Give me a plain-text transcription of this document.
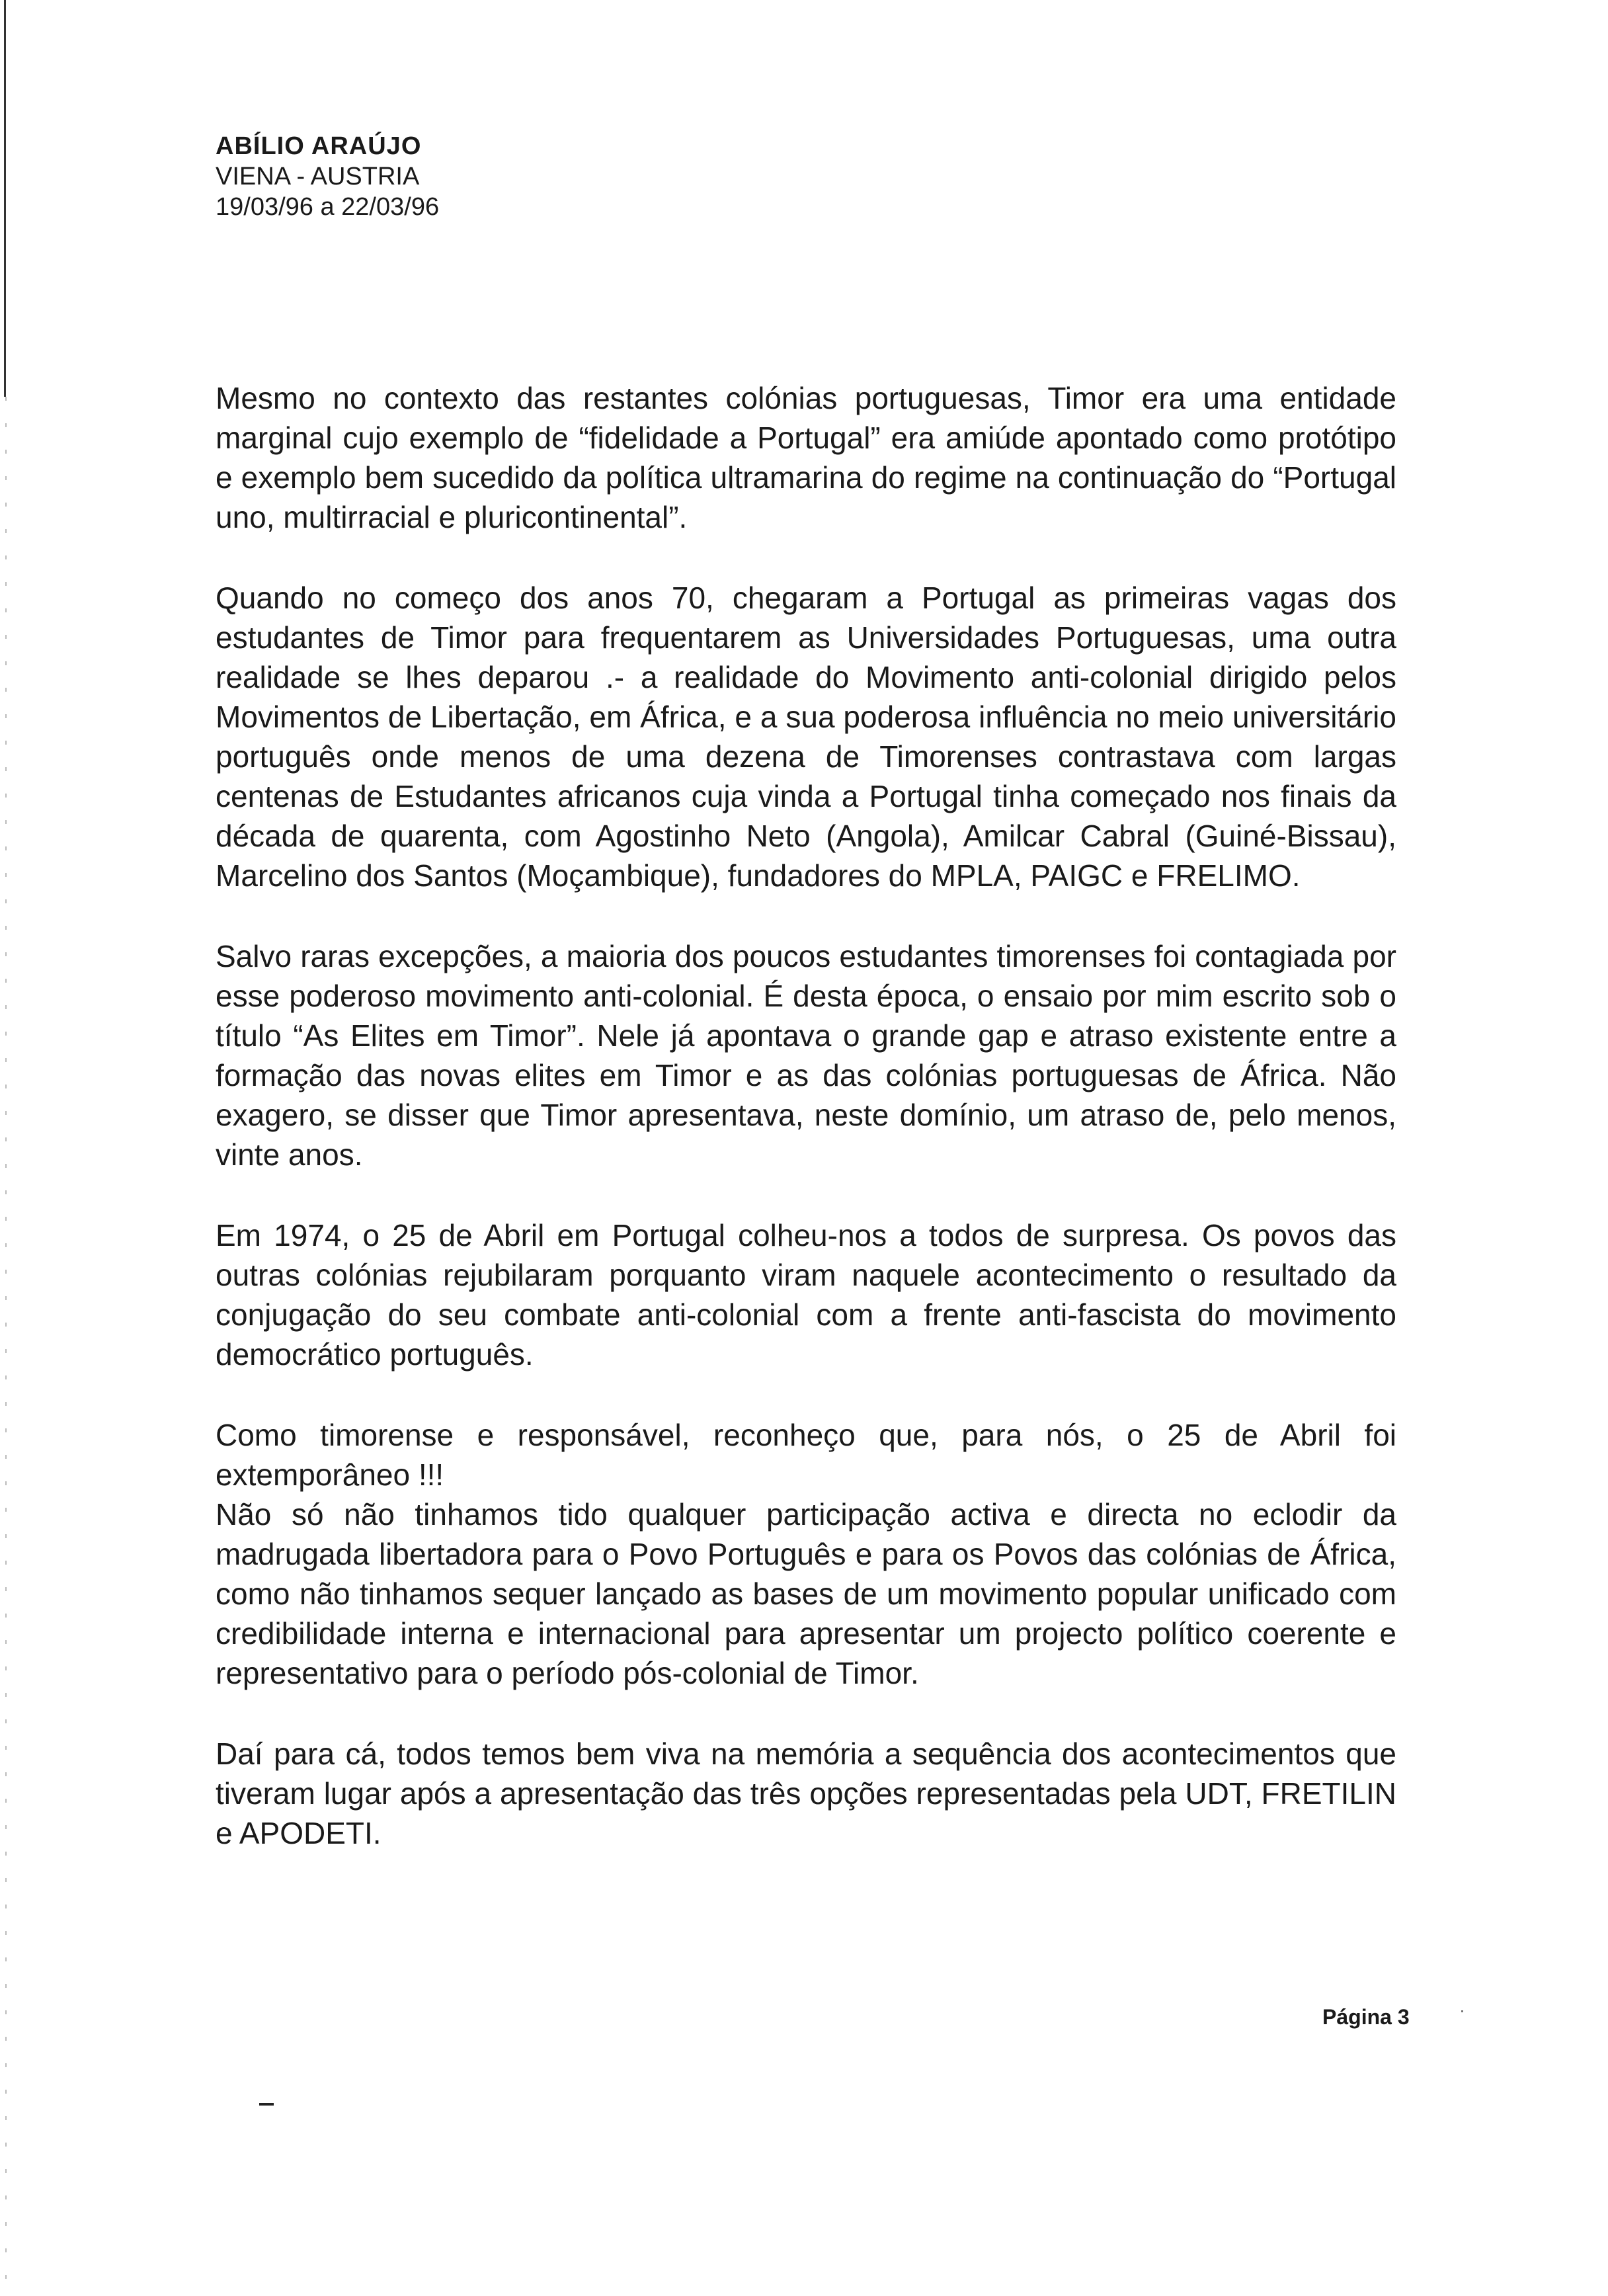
ABÍLIO ARAÚJO
VIENA - AUSTRIA
19/03/96 a 22/03/96

Mesmo no contexto das restantes colónias portuguesas, Timor era uma entidade marginal cujo exemplo de “fidelidade a Portugal” era amiúde apontado como protótipo e exemplo bem sucedido da política ultramarina do regime na continuação do “Portugal uno, multirracial e pluricontinental”.

Quando no começo dos anos 70, chegaram a Portugal as primeiras vagas dos estudantes de Timor para frequentarem as Universidades Portuguesas, uma outra realidade se lhes deparou .- a realidade do Movimento anti-colonial dirigido pelos Movimentos de Libertação, em África, e a sua poderosa influência no meio universitário português onde menos de uma dezena de Timorenses contrastava com largas centenas de Estudantes africanos cuja vinda a Portugal tinha começado nos finais da década de quarenta, com Agostinho Neto (Angola), Amilcar Cabral (Guiné-Bissau), Marcelino dos Santos (Moçambique), fundadores do MPLA, PAIGC e FRELIMO.

Salvo raras excepções, a maioria dos poucos estudantes timorenses foi contagiada por esse poderoso movimento anti-colonial. É desta época, o ensaio por mim escrito sob o título “As Elites em Timor”. Nele já apontava o grande gap e atraso existente entre a formação das novas elites em Timor e as das colónias portuguesas de África. Não exagero, se disser que Timor apresentava, neste domínio, um atraso de, pelo menos, vinte anos.

Em 1974, o 25 de Abril em Portugal colheu-nos a todos de surpresa. Os povos das outras colónias rejubilaram porquanto viram naquele acontecimento o resultado da conjugação do seu combate anti-colonial com a frente anti-fascista do movimento democrático português.

Como timorense e responsável, reconheço que, para nós, o 25 de Abril foi extemporâneo !!!

Não só não tinhamos tido qualquer participação activa e directa no eclodir da madrugada libertadora para o Povo Português e para os Povos das colónias de África, como não tinhamos sequer lançado as bases de um movimento popular unificado com credibilidade interna e internacional para apresentar um projecto político coerente e representativo para o período pós-colonial de Timor.

Daí para cá, todos temos bem viva na memória a sequência dos acontecimentos que tiveram lugar após a apresentação das três opções representadas pela UDT, FRETILIN e APODETI.

Página 3
